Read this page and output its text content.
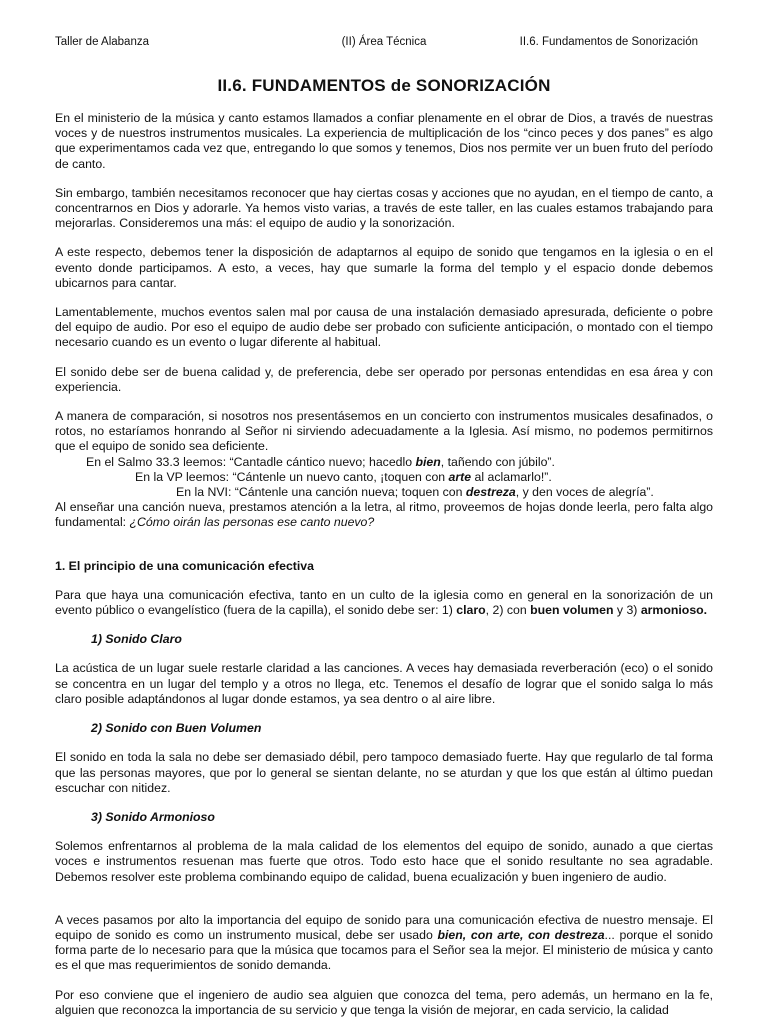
Taller de Alabanza	(II) Área Técnica	II.6. Fundamentos de Sonorización
II.6. FUNDAMENTOS de SONORIZACIÓN

En el ministerio de la música y canto estamos llamados a confiar plenamente en el obrar de Dios, a través de nuestras voces y de nuestros instrumentos musicales. La experiencia de multiplicación de los “cinco peces y dos panes” es algo que experimentamos cada vez que, entregando lo que somos y tenemos, Dios nos permite ver un buen fruto del período de canto.

Sin embargo, también necesitamos reconocer que hay ciertas cosas y acciones que no ayudan, en el tiempo de canto, a concentrarnos en Dios y adorarle. Ya hemos visto varias, a través de este taller, en las cuales estamos trabajando para mejorarlas. Consideremos una más: el equipo de audio y la sonorización.

A este respecto, debemos tener la disposición de adaptarnos al equipo de sonido que tengamos en la iglesia o en el evento donde participamos. A esto, a veces, hay que sumarle la forma del templo y el espacio donde debemos ubicarnos para cantar.

Lamentablemente, muchos eventos salen mal por causa de una instalación demasiado apresurada, deficiente o pobre del equipo de audio. Por eso el equipo de audio debe ser probado con suficiente anticipación, o montado con el tiempo necesario cuando es un evento o lugar diferente al habitual.

El sonido debe ser de buena calidad y, de preferencia, debe ser operado por personas entendidas en esa área y con experiencia.

A manera de comparación, si nosotros nos presentásemos en un concierto con instrumentos musicales desafinados, o rotos, no estaríamos honrando al Señor ni sirviendo adecuadamente a la Iglesia. Así mismo, no podemos permitirnos que el equipo de sonido sea deficiente.

En el Salmo 33.3 leemos: “Cantadle cántico nuevo; hacedlo bien, tañendo con júbilo”.

En la VP leemos: “Cántenle un nuevo canto, ¡toquen con arte al aclamarlo!”.

En la NVI: “Cántenle una canción nueva; toquen con destreza, y den voces de alegría”.

Al enseñar una canción nueva, prestamos atención a la letra, al ritmo, proveemos de hojas donde leerla, pero falta algo fundamental: ¿Cómo oirán las personas ese canto nuevo?

1. El principio de una comunicación efectiva

Para que haya una comunicación efectiva, tanto en un culto de la iglesia como en general en la sonorización de un evento público o evangelístico (fuera de la capilla), el sonido debe ser: 1) claro, 2) con buen volumen y 3) armonioso.

1) Sonido Claro

La acústica de un lugar suele restarle claridad a las canciones. A veces hay demasiada reverberación (eco) o el sonido se concentra en un lugar del templo y a otros no llega, etc. Tenemos el desafío de lograr que el sonido salga lo más claro posible adaptándonos al lugar donde estamos, ya sea dentro o al aire libre.

2) Sonido con Buen Volumen

El sonido en toda la sala no debe ser demasiado débil, pero tampoco demasiado fuerte. Hay que regularlo de tal forma que las personas mayores, que por lo general se sientan delante, no se aturdan y que los que están al último puedan escuchar con nitidez.

3) Sonido Armonioso

Solemos enfrentarnos al problema de la mala calidad de los elementos del equipo de sonido, aunado a que ciertas voces e instrumentos resuenan mas fuerte que otros. Todo esto hace que el sonido resultante no sea agradable. Debemos resolver este problema combinando equipo de calidad, buena ecualización y buen ingeniero de audio.

A veces pasamos por alto la importancia del equipo de sonido para una comunicación efectiva de nuestro mensaje. El equipo de sonido es como un instrumento musical, debe ser usado bien, con arte, con destreza... porque el sonido forma parte de lo necesario para que la música que tocamos para el Señor sea la mejor. El ministerio de música y canto es el que mas requerimientos de sonido demanda.

Por eso conviene que el ingeniero de audio sea alguien que conozca del tema, pero además, un hermano en la fe, alguien que reconozca la importancia de su servicio y que tenga la visión de mejorar, en cada servicio, la calidad
